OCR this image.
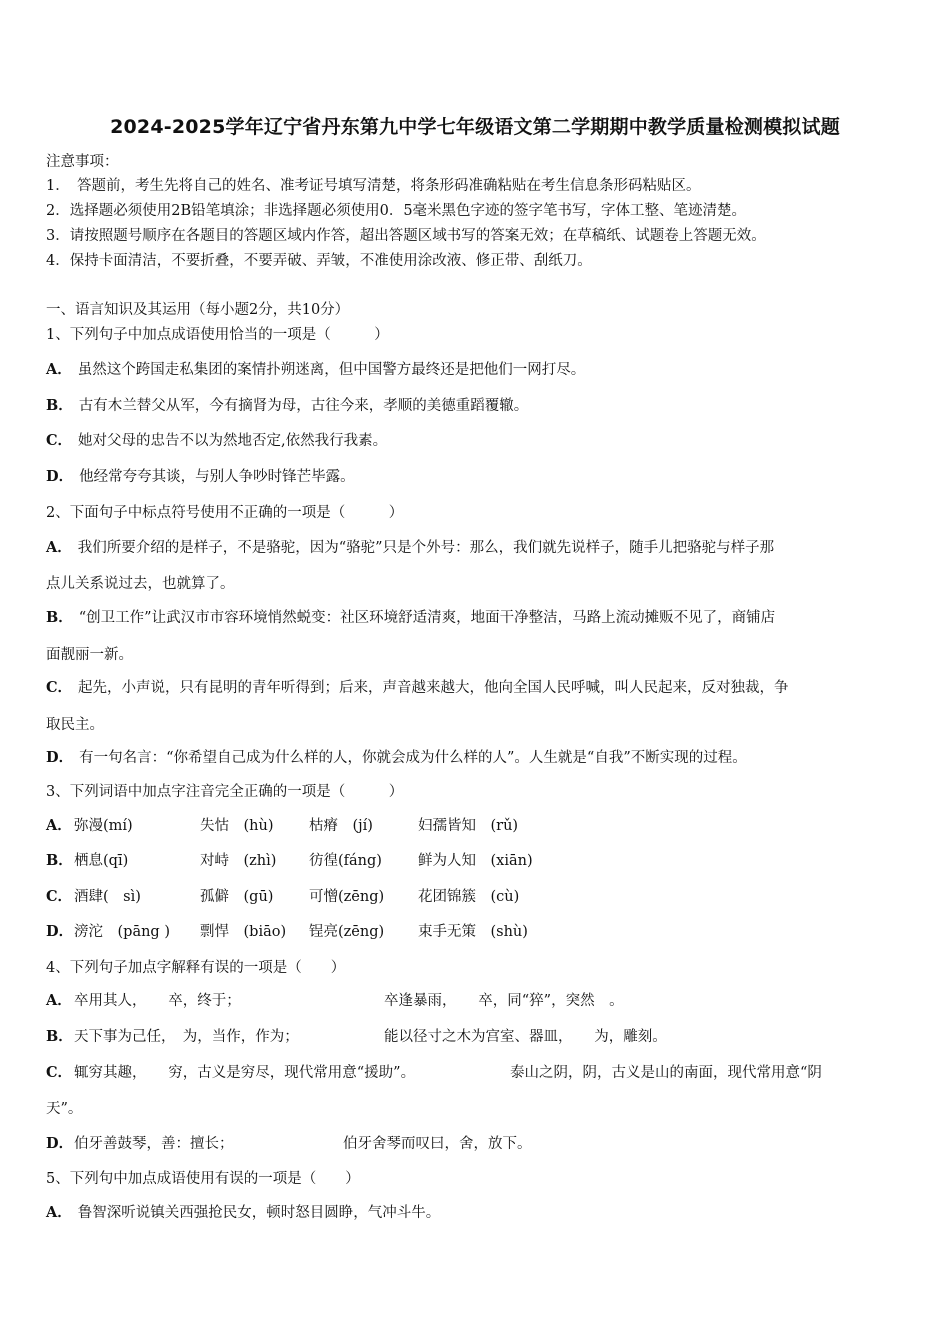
2024-2025学年辽宁省丹东第九中学七年级语文第二学期期中教学质量检测模拟试题
注意事项：
1．　答题前，考生先将自己的姓名、准考证号填写清楚，将条形码准确粘贴在考生信息条形码粘贴区。
2．选择题必须使用2B铅笔填涂；非选择题必须使用0．5毫米黑色字迹的签字笔书写，字体工整、笔迹清楚。
3．请按照题号顺序在各题目的答题区域内作答，超出答题区域书写的答案无效；在草稿纸、试题卷上答题无效。
4．保持卡面清洁，不要折叠，不要弄破、弄皱，不准使用涂改液、修正带、刮纸刀。
一、语言知识及其运用（每小题2分，共10分）
1、下列句子中加点成语使用恰当的一项是（　　　）
A． 虽然这个跨国走私集团的案情扑朔迷离，但中国警方最终还是把他们一网打尽。
B． 古有木兰替父从军，今有摘肾为母，古往今来，孝顺的美德重蹈覆辙。
C． 她对父母的忠告不以为然地否定,依然我行我素。
D． 他经常夸夸其谈，与别人争吵时锋芒毕露。
2、下面句子中标点符号使用不正确的一项是（　　　）
A． 我们所要介绍的是样子，不是骆驼，因为“骆驼”只是个外号：那么，我们就先说样子，随手儿把骆驼与样子那
点儿关系说过去，也就算了。
B． “创卫工作”让武汉市市容环境悄然蜕变：社区环境舒适清爽，地面干净整洁，马路上流动摊贩不见了，商铺店
面靓丽一新。
C． 起先，小声说，只有昆明的青年听得到；后来，声音越来越大，他向全国人民呼喊，叫人民起来，反对独裁，争
取民主。
D． 有一句名言：“你希望自己成为什么样的人，你就会成为什么样的人”。人生就是“自我”不断实现的过程。
3、下列词语中加点字注音完全正确的一项是（　　　）
A． 弥漫(mí)	失怙　(hù) 枯瘠　(jí)	妇孺皆知　(rǔ)
B． 栖息(qī)	对峙　(zhì) 彷徨(fáng) 鲜为人知　(xiān)
C． 酒肆(　sì)	孤僻　(gū) 可憎(zēng) 花团锦簇　(cù)
D． 滂沱　(pāng ) 剽悍　(biāo) 锃亮(zēng) 束手无策　(shù)
4、下列句子加点字解释有误的一项是（　　）
A． 卒用其人，　　卒，终于；	卒逢暴雨，　　卒，同“猝”，突然　。
B． 天下事为己任，　为，当作，作为；	能以径寸之木为宫室、器皿，　　为，雕刻。
C． 辄穷其趣，　　穷，古义是穷尽，现代常用意“援助”。	泰山之阴，阴，古义是山的南面，现代常用意“阴
天”。
D． 伯牙善鼓琴，善：擅长；	伯牙舍琴而叹曰，舍，放下。
5、下列句中加点成语使用有误的一项是（　　）
A． 鲁智深听说镇关西强抢民女，顿时怒目圆睁，气冲斗牛。
